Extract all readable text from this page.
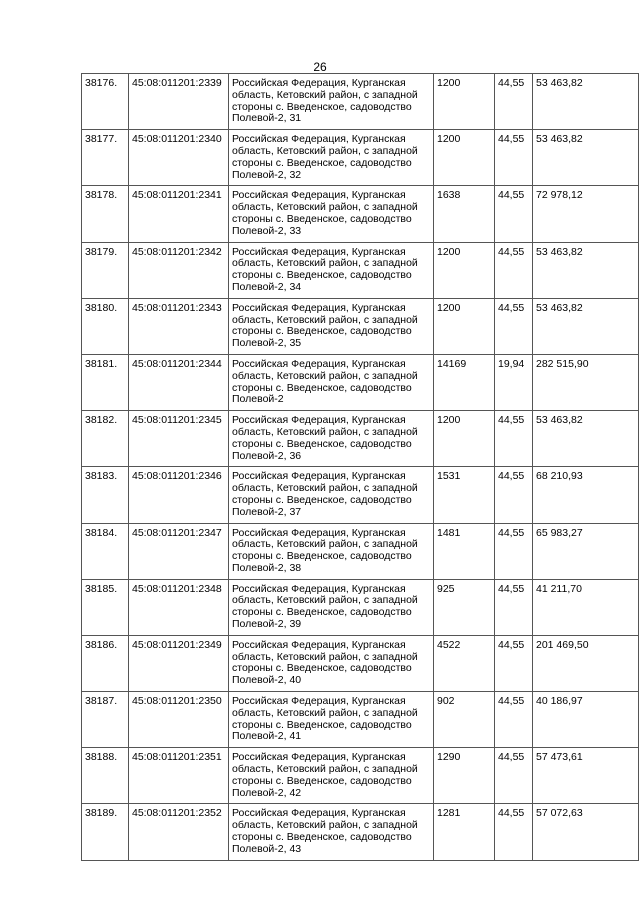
26
38176.	45:08:011201:2339	Российская Федерация, Курганская область, Кетовский район, с западной стороны с. Введенское, садоводство Полевой-2, 31	1200	44,55	53 463,82
38177.	45:08:011201:2340	Российская Федерация, Курганская область, Кетовский район, с западной стороны с. Введенское, садоводство Полевой-2, 32	1200	44,55	53 463,82
38178.	45:08:011201:2341	Российская Федерация, Курганская область, Кетовский район, с западной стороны с. Введенское, садоводство Полевой-2, 33	1638	44,55	72 978,12
38179.	45:08:011201:2342	Российская Федерация, Курганская область, Кетовский район, с западной стороны с. Введенское, садоводство Полевой-2, 34	1200	44,55	53 463,82
38180.	45:08:011201:2343	Российская Федерация, Курганская область, Кетовский район, с западной стороны с. Введенское, садоводство Полевой-2, 35	1200	44,55	53 463,82
38181.	45:08:011201:2344	Российская Федерация, Курганская область, Кетовский район, с западной стороны с. Введенское, садоводство Полевой-2	14169	19,94	282 515,90
38182.	45:08:011201:2345	Российская Федерация, Курганская область, Кетовский район, с западной стороны с. Введенское, садоводство Полевой-2, 36	1200	44,55	53 463,82
38183.	45:08:011201:2346	Российская Федерация, Курганская область, Кетовский район, с западной стороны с. Введенское, садоводство Полевой-2, 37	1531	44,55	68 210,93
38184.	45:08:011201:2347	Российская Федерация, Курганская область, Кетовский район, с западной стороны с. Введенское, садоводство Полевой-2, 38	1481	44,55	65 983,27
38185.	45:08:011201:2348	Российская Федерация, Курганская область, Кетовский район, с западной стороны с. Введенское, садоводство Полевой-2, 39	925	44,55	41 211,70
38186.	45:08:011201:2349	Российская Федерация, Курганская область, Кетовский район, с западной стороны с. Введенское, садоводство Полевой-2, 40	4522	44,55	201 469,50
38187.	45:08:011201:2350	Российская Федерация, Курганская область, Кетовский район, с западной стороны с. Введенское, садоводство Полевой-2, 41	902	44,55	40 186,97
38188.	45:08:011201:2351	Российская Федерация, Курганская область, Кетовский район, с западной стороны с. Введенское, садоводство Полевой-2, 42	1290	44,55	57 473,61
38189.	45:08:011201:2352	Российская Федерация, Курганская область, Кетовский район, с западной стороны с. Введенское, садоводство Полевой-2, 43	1281	44,55	57 072,63
